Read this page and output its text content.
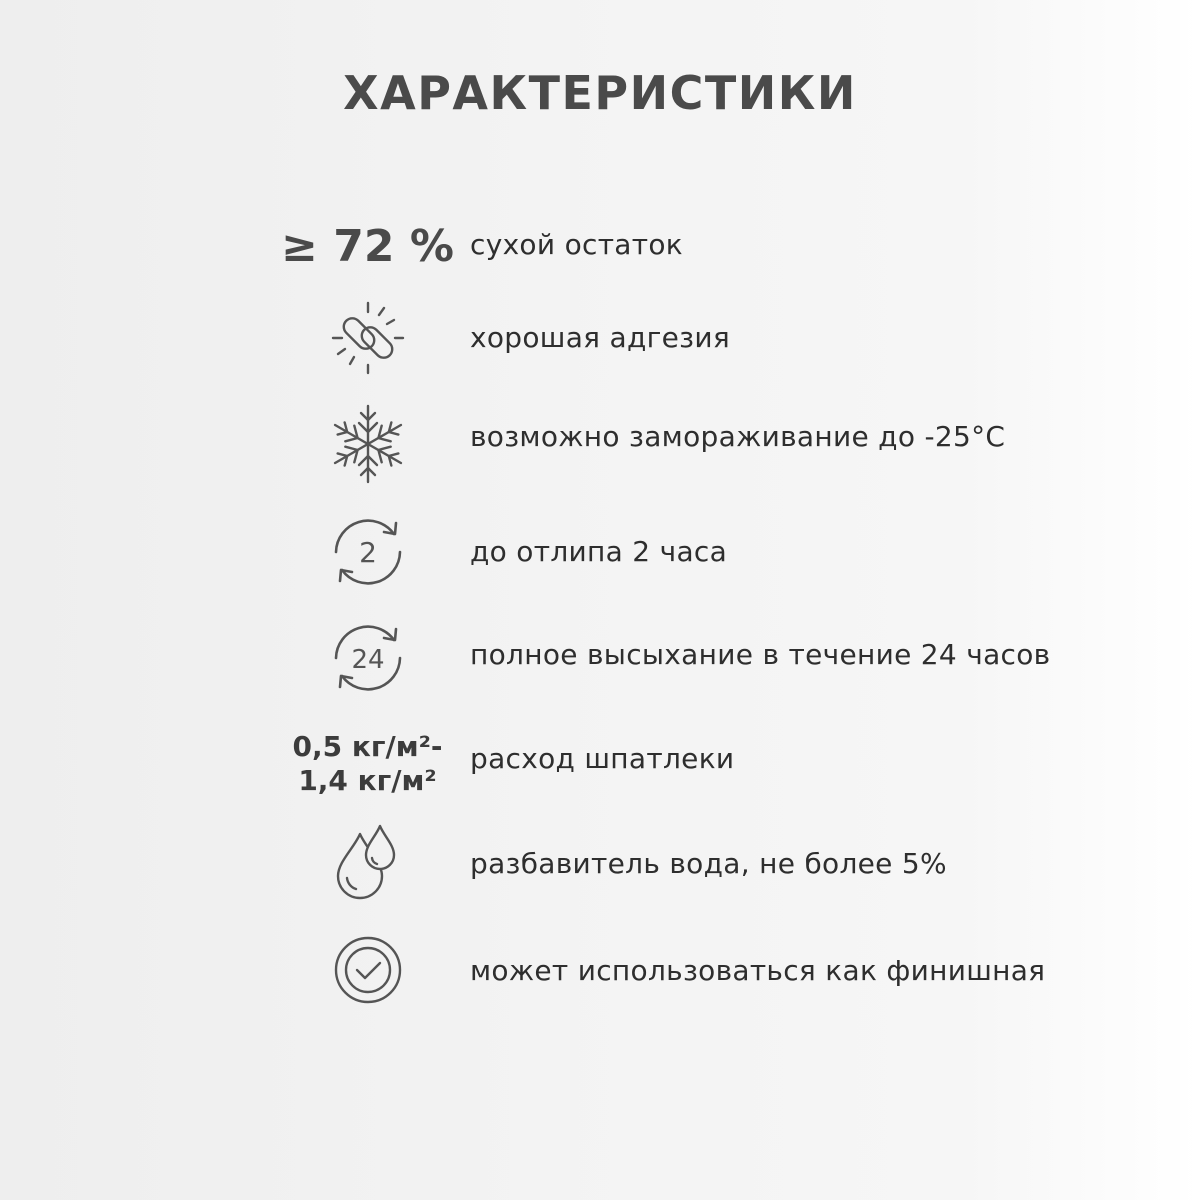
ХАРАКТЕРИСТИКИ
≥ 72 % сухой остаток
хорошая адгезия
возможно замораживание до -25°C
2	до отлипа 2 часа
24	полное высыхание в течение 24 часов
0,5 кг/м²-
1,4 кг/м²
расход шпатлеки
разбавитель вода, не более 5%
может использоваться как финишная
